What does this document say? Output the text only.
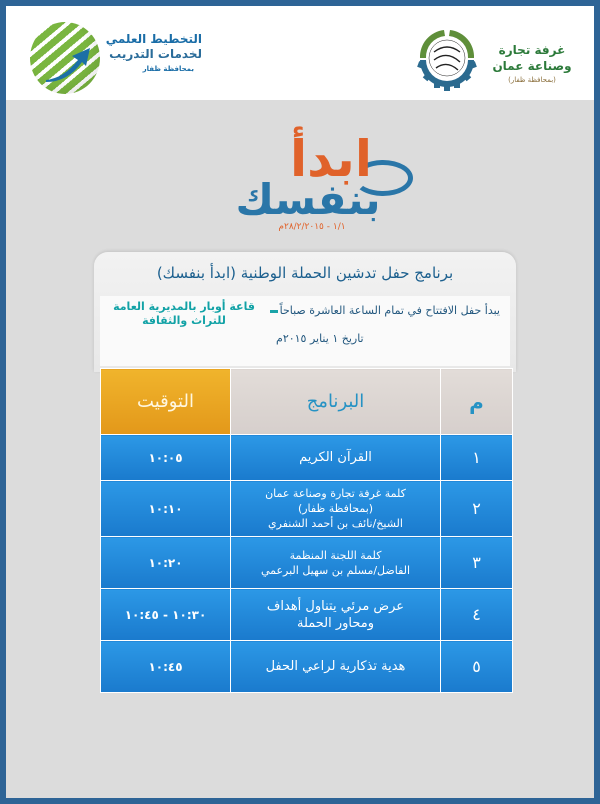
التخطيط العلمي
لخدمات التدريب
بمحافظة ظفار
غرفة تجارة
وصناعة عمان
(بمحافظة ظفار)
ابدأ
بنفسك
١/١ - ٢٨/٢/٢٠١٥م
برنامج حفل تدشين الحملة الوطنية (ابدأ بنفسك)
يبدأ حفل الافتتاح في تمام الساعة العاشرة صباحاً
قاعة أوبار بالمديرية العامة للتراث والثقافة
تاريخ ١ يناير ٢٠١٥م
التوقيت	البرنامج	م
١٠:٠٥	القرآن الكريم	١
١٠:١٠	كلمة غرفة تجارة وصناعة عمان
(بمحافظة ظفار)
الشيخ/نائف بن أحمد الشنفري	٢
١٠:٢٠	كلمة اللجنة المنظمة
الفاضل/مسلم بن سهيل البرعمي	٣
١٠:٣٠ - ١٠:٤٥	عرض مرئي يتناول أهداف
ومحاور الحملة	٤
١٠:٤٥	هدية تذكارية لراعي الحفل	٥
